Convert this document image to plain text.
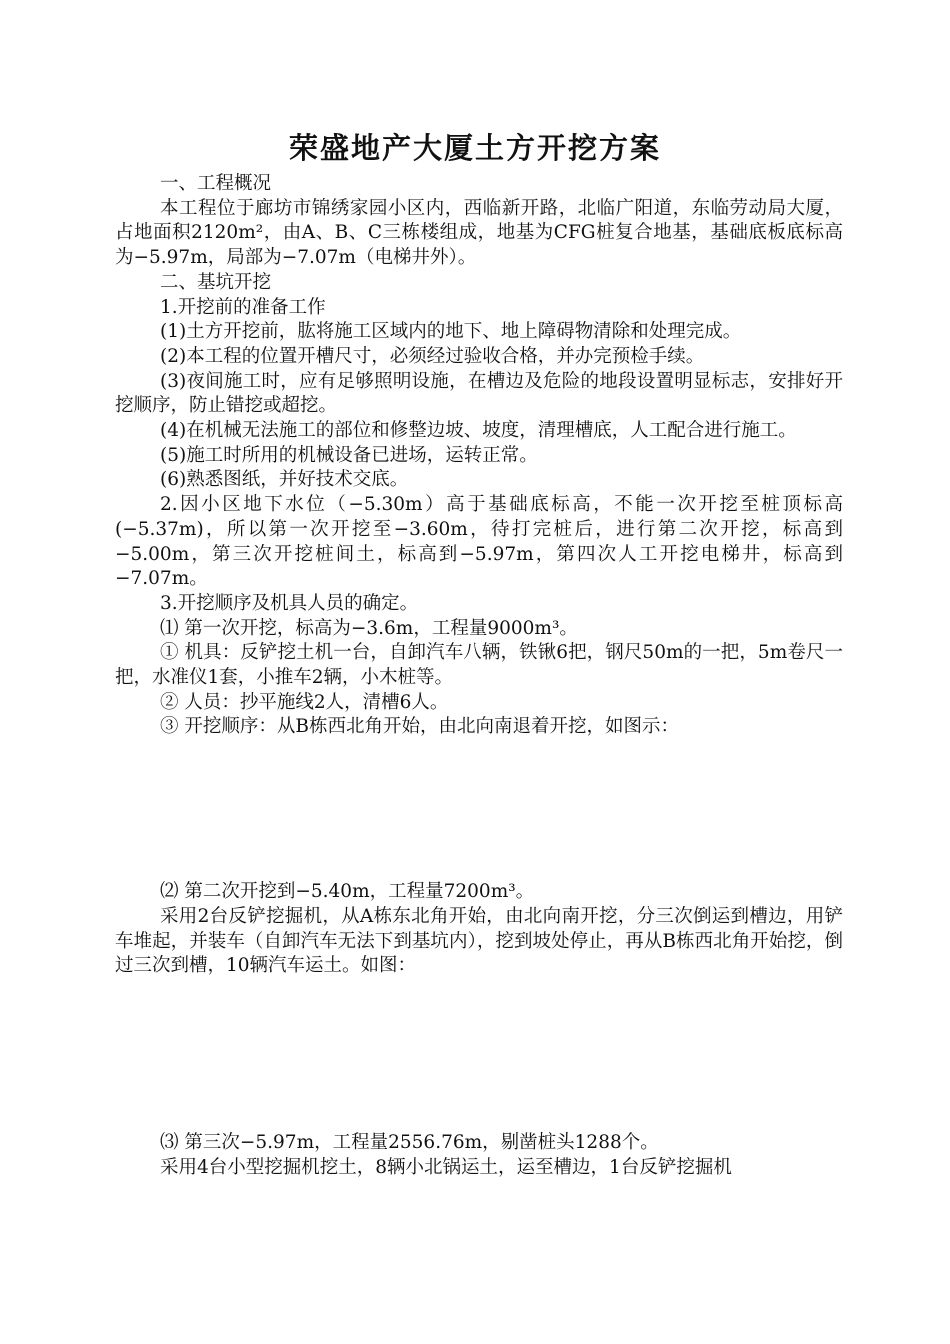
荣盛地产大厦土方开挖方案

一、工程概况

本工程位于廊坊市锦绣家园小区内，西临新开路，北临广阳道，东临劳动局大厦，占地面积2120m²，由A、B、C三栋楼组成，地基为CFG桩复合地基，基础底板底标高为−5.97m，局部为−7.07m（电梯井外）。

二、基坑开挖

1.开挖前的准备工作

(1)土方开挖前，肱将施工区域内的地下、地上障碍物清除和处理完成。

(2)本工程的位置开槽尺寸，必须经过验收合格，并办完预检手续。

(3)夜间施工时，应有足够照明设施，在槽边及危险的地段设置明显标志，安排好开挖顺序，防止错挖或超挖。

(4)在机械无法施工的部位和修整边坡、坡度，清理槽底，人工配合进行施工。

(5)施工时所用的机械设备已进场，运转正常。

(6)熟悉图纸，并好技术交底。

2.因小区地下水位（−5.30m）高于基础底标高，不能一次开挖至桩顶标高(−5.37m)，所以第一次开挖至−3.60m，待打完桩后，进行第二次开挖，标高到−5.00m，第三次开挖桩间土，标高到−5.97m，第四次人工开挖电梯井，标高到−7.07m。

3.开挖顺序及机具人员的确定。

⑴ 第一次开挖，标高为−3.6m，工程量9000m³。

① 机具：反铲挖土机一台，自卸汽车八辆，铁锹6把，钢尺50m的一把，5m卷尺一把，水准仪1套，小推车2辆，小木桩等。

② 人员：抄平施线2人，清槽6人。

③ 开挖顺序：从B栋西北角开始，由北向南退着开挖，如图示：

⑵ 第二次开挖到−5.40m，工程量7200m³。

采用2台反铲挖掘机，从A栋东北角开始，由北向南开挖，分三次倒运到槽边，用铲车堆起，并装车（自卸汽车无法下到基坑内），挖到坡处停止，再从B栋西北角开始挖，倒过三次到槽，10辆汽车运土。如图：

⑶ 第三次−5.97m，工程量2556.76m，剔凿桩头1288个。

采用4台小型挖掘机挖土，8辆小北锅运土，运至槽边，1台反铲挖掘机
